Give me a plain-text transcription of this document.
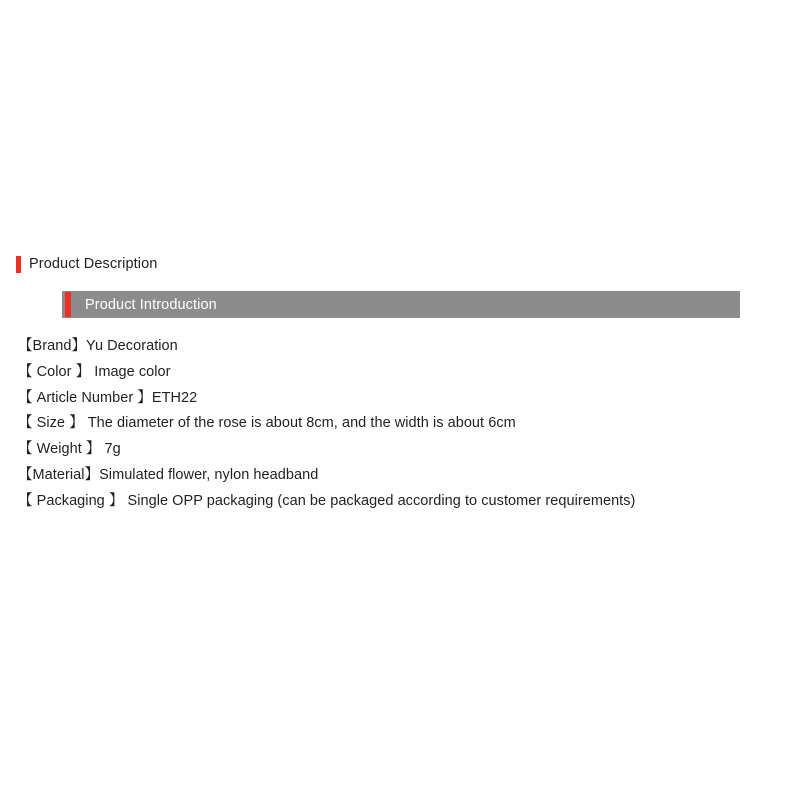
Product Description
Product Introduction
【Brand】Yu Decoration
【 Color 】 Image color
【 Article Number 】ETH22
【 Size 】 The diameter of the rose is about 8cm, and the width is about 6cm
【 Weight 】 7g
【Material】Simulated flower, nylon headband
【 Packaging 】 Single OPP packaging (can be packaged according to customer requirements)
